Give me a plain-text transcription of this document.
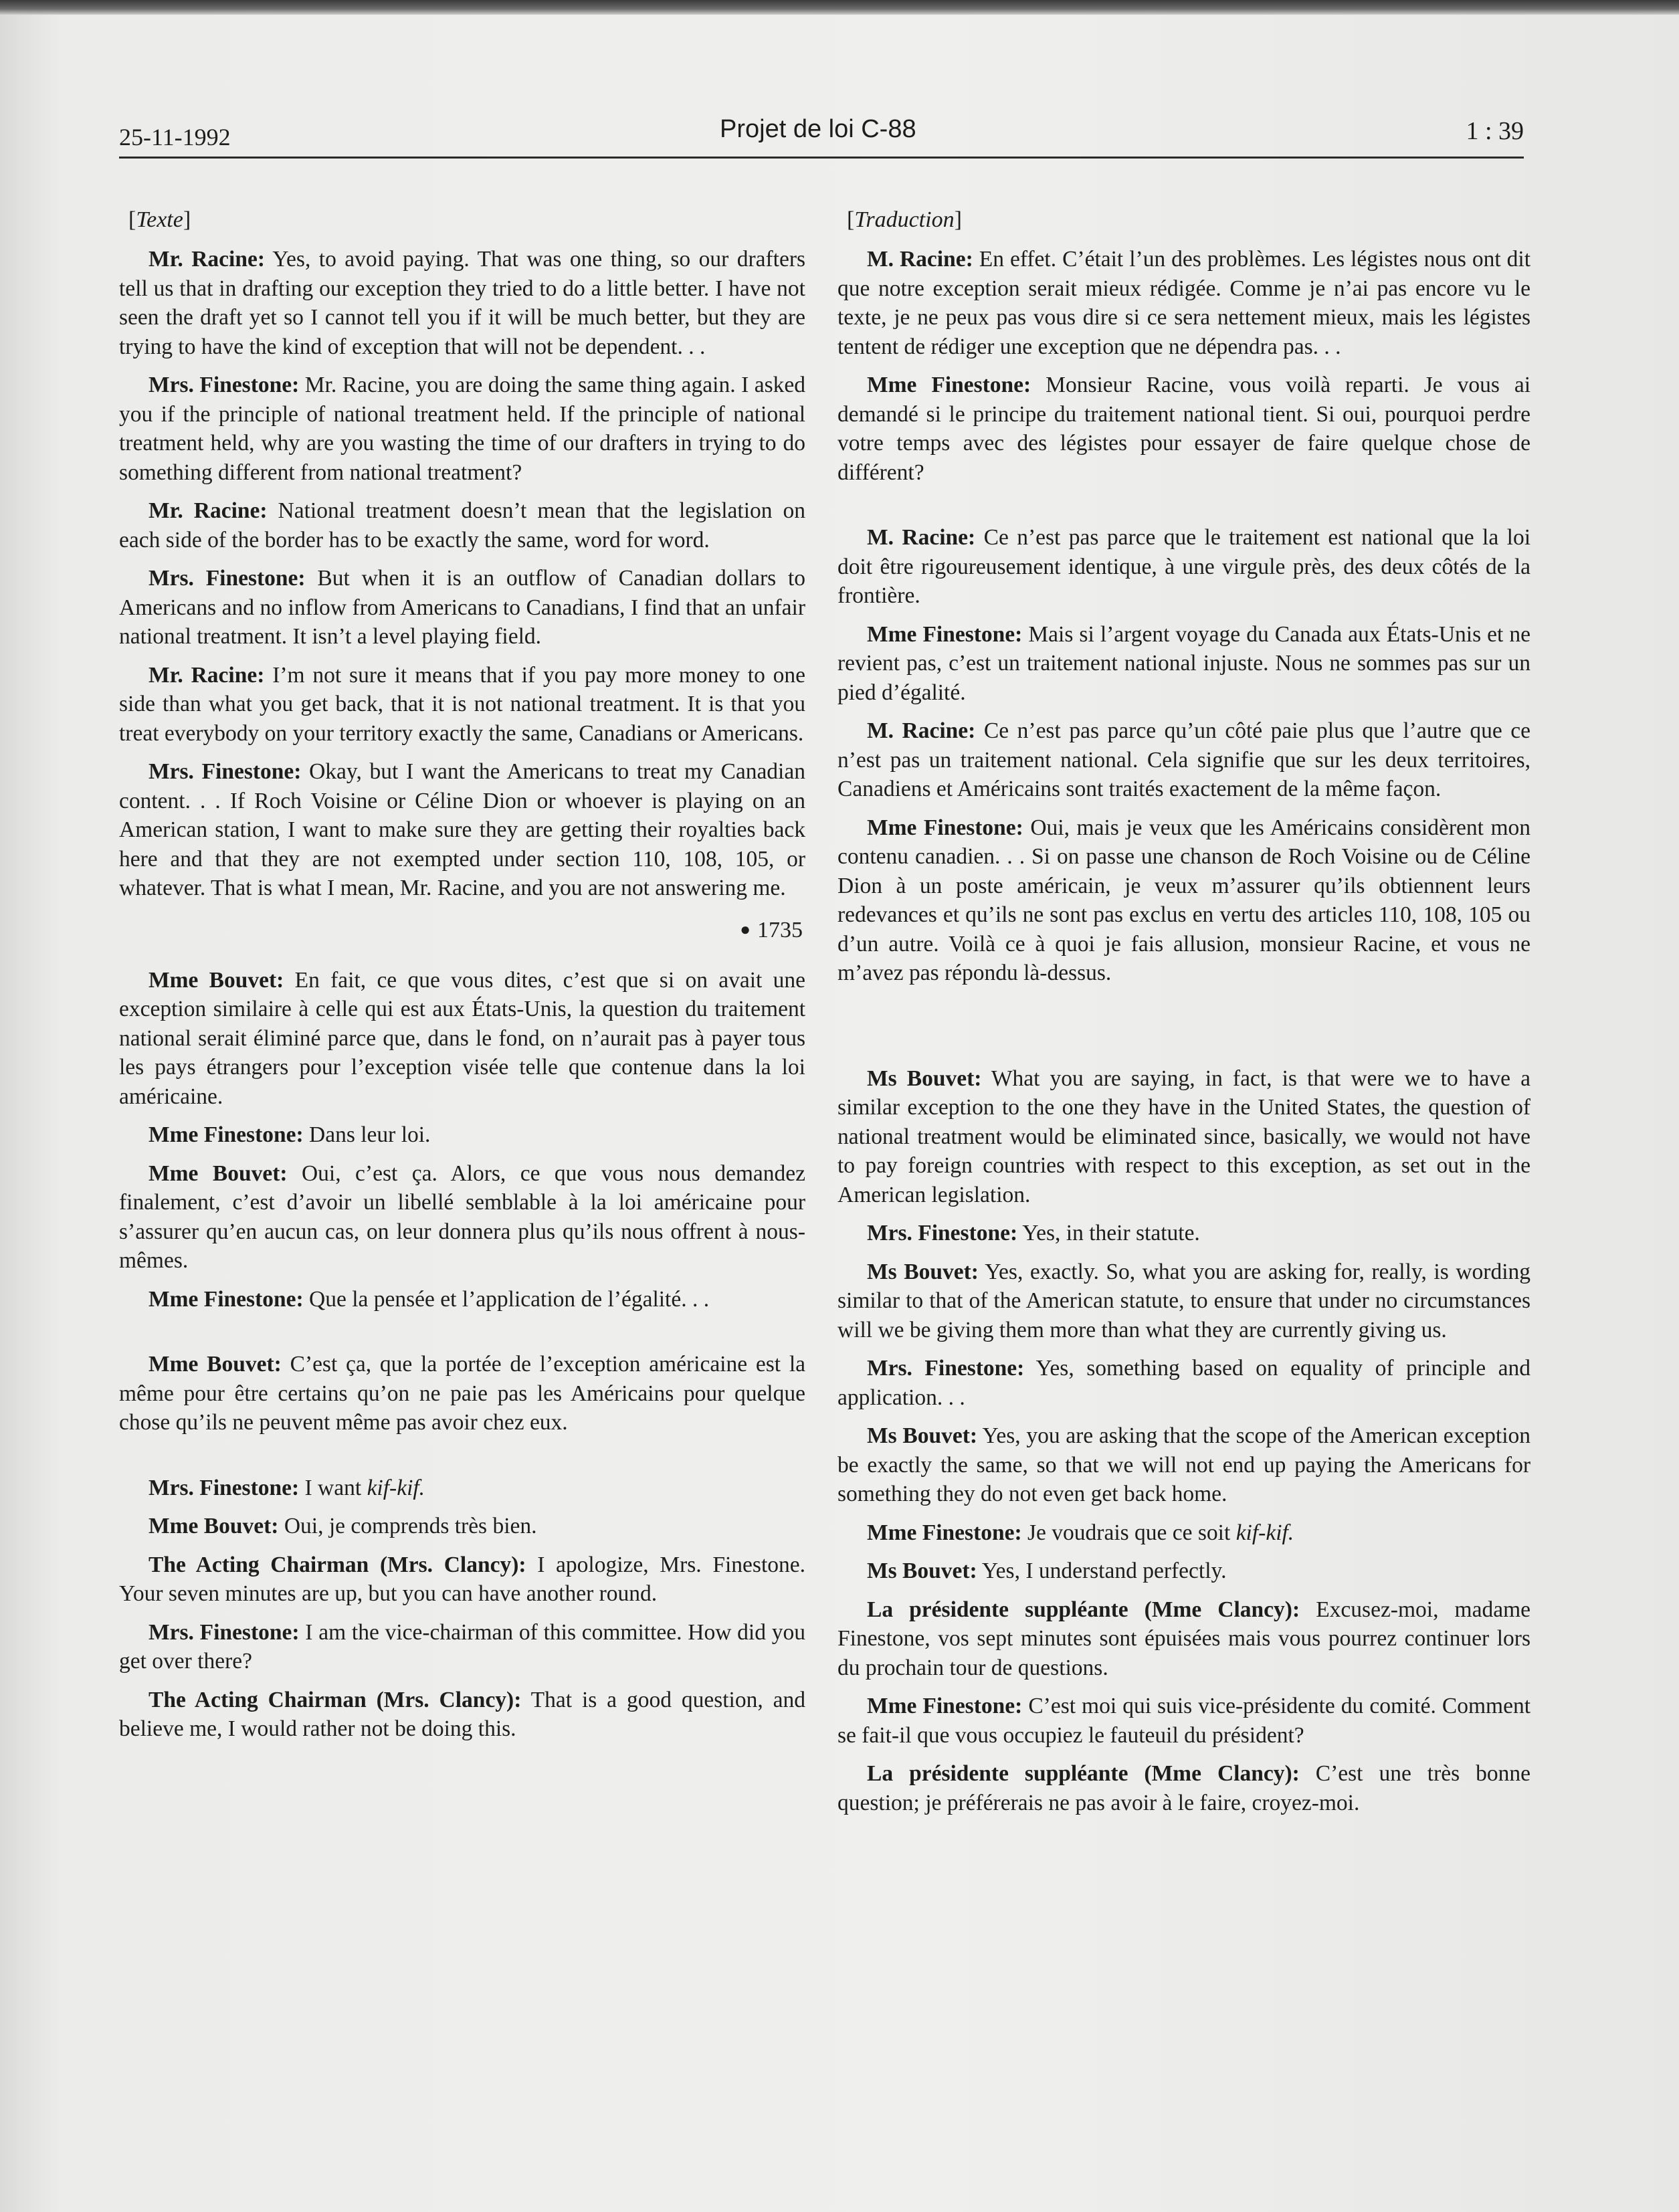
25-11-1992	Projet de loi C-88	1 : 39
[Texte]

Mr. Racine: Yes, to avoid paying. That was one thing, so our drafters tell us that in drafting our exception they tried to do a little better. I have not seen the draft yet so I cannot tell you if it will be much better, but they are trying to have the kind of exception that will not be dependent. . .

Mrs. Finestone: Mr. Racine, you are doing the same thing again. I asked you if the principle of national treatment held. If the principle of national treatment held, why are you wasting the time of our drafters in trying to do something different from national treatment?

Mr. Racine: National treatment doesn’t mean that the legislation on each side of the border has to be exactly the same, word for word.

Mrs. Finestone: But when it is an outflow of Canadian dollars to Americans and no inflow from Americans to Canadians, I find that an unfair national treatment. It isn’t a level playing field.

Mr. Racine: I’m not sure it means that if you pay more money to one side than what you get back, that it is not national treatment. It is that you treat everybody on your territory exactly the same, Canadians or Americans.

Mrs. Finestone: Okay, but I want the Americans to treat my Canadian content. . . If Roch Voisine or Céline Dion or whoever is playing on an American station, I want to make sure they are getting their royalties back here and that they are not exempted under section 110, 108, 105, or whatever. That is what I mean, Mr. Racine, and you are not answering me.

● 1735

Mme Bouvet: En fait, ce que vous dites, c’est que si on avait une exception similaire à celle qui est aux États-Unis, la question du traitement national serait éliminé parce que, dans le fond, on n’aurait pas à payer tous les pays étrangers pour l’exception visée telle que contenue dans la loi américaine.

Mme Finestone: Dans leur loi.

Mme Bouvet: Oui, c’est ça. Alors, ce que vous nous demandez finalement, c’est d’avoir un libellé semblable à la loi américaine pour s’assurer qu’en aucun cas, on leur donnera plus qu’ils nous offrent à nous-mêmes.

Mme Finestone: Que la pensée et l’application de l’égalité. . .

Mme Bouvet: C’est ça, que la portée de l’exception américaine est la même pour être certains qu’on ne paie pas les Américains pour quelque chose qu’ils ne peuvent même pas avoir chez eux.

Mrs. Finestone: I want kif-kif.

Mme Bouvet: Oui, je comprends très bien.

The Acting Chairman (Mrs. Clancy): I apologize, Mrs. Finestone. Your seven minutes are up, but you can have another round.

Mrs. Finestone: I am the vice-chairman of this committee. How did you get over there?

The Acting Chairman (Mrs. Clancy): That is a good question, and believe me, I would rather not be doing this.

[Traduction]

M. Racine: En effet. C’était l’un des problèmes. Les légistes nous ont dit que notre exception serait mieux rédigée. Comme je n’ai pas encore vu le texte, je ne peux pas vous dire si ce sera nettement mieux, mais les légistes tentent de rédiger une exception que ne dépendra pas. . .

Mme Finestone: Monsieur Racine, vous voilà reparti. Je vous ai demandé si le principe du traitement national tient. Si oui, pourquoi perdre votre temps avec des légistes pour essayer de faire quelque chose de différent?

M. Racine: Ce n’est pas parce que le traitement est national que la loi doit être rigoureusement identique, à une virgule près, des deux côtés de la frontière.

Mme Finestone: Mais si l’argent voyage du Canada aux États-Unis et ne revient pas, c’est un traitement national injuste. Nous ne sommes pas sur un pied d’égalité.

M. Racine: Ce n’est pas parce qu’un côté paie plus que l’autre que ce n’est pas un traitement national. Cela signifie que sur les deux territoires, Canadiens et Américains sont traités exactement de la même façon.

Mme Finestone: Oui, mais je veux que les Américains considèrent mon contenu canadien. . . Si on passe une chanson de Roch Voisine ou de Céline Dion à un poste américain, je veux m’assurer qu’ils obtiennent leurs redevances et qu’ils ne sont pas exclus en vertu des articles 110, 108, 105 ou d’un autre. Voilà ce à quoi je fais allusion, monsieur Racine, et vous ne m’avez pas répondu là-dessus.

Ms Bouvet: What you are saying, in fact, is that were we to have a similar exception to the one they have in the United States, the question of national treatment would be eliminated since, basically, we would not have to pay foreign countries with respect to this exception, as set out in the American legislation.

Mrs. Finestone: Yes, in their statute.

Ms Bouvet: Yes, exactly. So, what you are asking for, really, is wording similar to that of the American statute, to ensure that under no circumstances will we be giving them more than what they are currently giving us.

Mrs. Finestone: Yes, something based on equality of principle and application. . .

Ms Bouvet: Yes, you are asking that the scope of the American exception be exactly the same, so that we will not end up paying the Americans for something they do not even get back home.

Mme Finestone: Je voudrais que ce soit kif-kif.

Ms Bouvet: Yes, I understand perfectly.

La présidente suppléante (Mme Clancy): Excusez-moi, madame Finestone, vos sept minutes sont épuisées mais vous pourrez continuer lors du prochain tour de questions.

Mme Finestone: C’est moi qui suis vice-présidente du comité. Comment se fait-il que vous occupiez le fauteuil du président?

La présidente suppléante (Mme Clancy): C’est une très bonne question; je préférerais ne pas avoir à le faire, croyez-moi.
